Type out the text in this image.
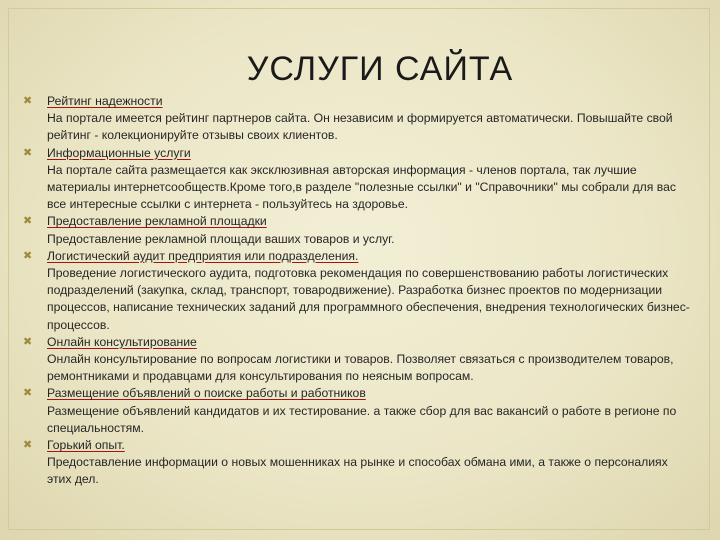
УСЛУГИ САЙТА
✖ Рейтинг надежности
На портале имеется рейтинг партнеров сайта. Он независим и формируется автоматически. Повышайте свой рейтинг - колекционируйте отзывы своих клиентов.
✖ Информационные услуги
На портале сайта размещается как эксклюзивная авторская информация - членов портала, так лучшие материалы интернетсообществ.Кроме того,в разделе "полезные ссылки" и "Справочники" мы собрали для вас все интересные ссылки с интернета - пользуйтесь на здоровье.
✖ Предоставление рекламной площадки
Предоставление рекламной площади ваших товаров и услуг.
✖ Логистический аудит предприятия или подразделения.
Проведение логистического аудита, подготовка рекомендация по совершенствованию работы логистических подразделений (закупка, склад, транспорт, товародвижение). Разработка бизнес проектов по модернизации процессов, написание технических заданий для программного обеспечения, внедрения технологических бизнес-процессов.
✖ Онлайн консультирование
Онлайн консультирование по вопросам логистики и товаров. Позволяет связаться с производителем товаров, ремонтниками и продавцами для консультирования по неясным вопросам.
✖ Размещение объявлений о поиске работы и работников
Размещение объявлений кандидатов и их тестирование. а также сбор для вас вакансий о работе в регионе по специальностям.
✖ Горький опыт.
Предоставление информации о новых мошенниках на рынке и способах обмана ими, а также о персоналиях этих дел.
